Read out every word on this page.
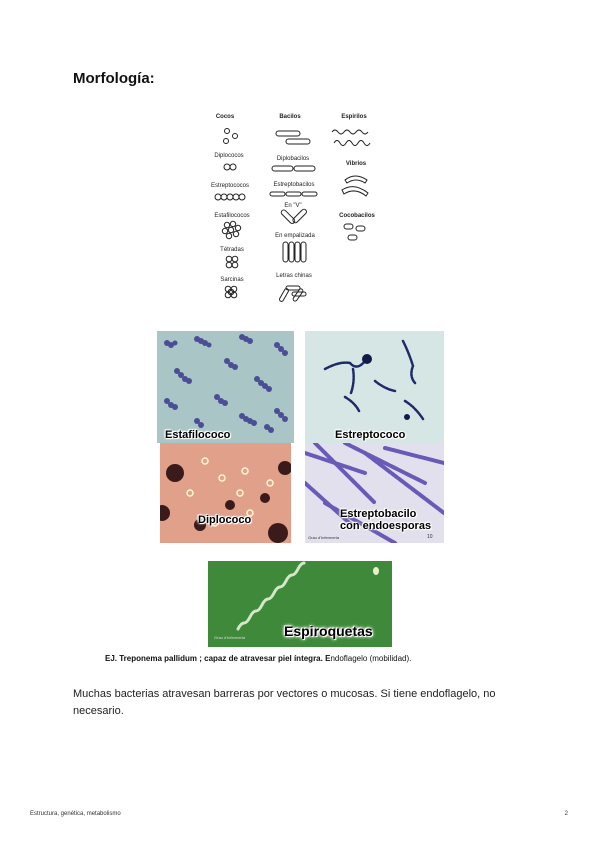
Morfología:
Cocos	Bacilos	Espirilos
Diplococos
Estreptococos
Estafilococos
Tétradas
Sarcinas
Diplobacilos
Estreptobacilos
En "V"
En empalizada
Letras chinas
Vibrios
Cocobacilos
Estafilococo	Estreptococo
Diplococo	Estreptobacilo
con endoesporas
Grau d'Infermeria	10
Espiroquetas
Grau d'Infermeria
EJ. Treponema pallidum ; capaz de atravesar piel íntegra. Endoflagelo (mobilidad).

Muchas bacterias atravesan barreras por vectores o mucosas. Si tiene endoflagelo, no necesario.

Estructura, genética, metabolismo	2
